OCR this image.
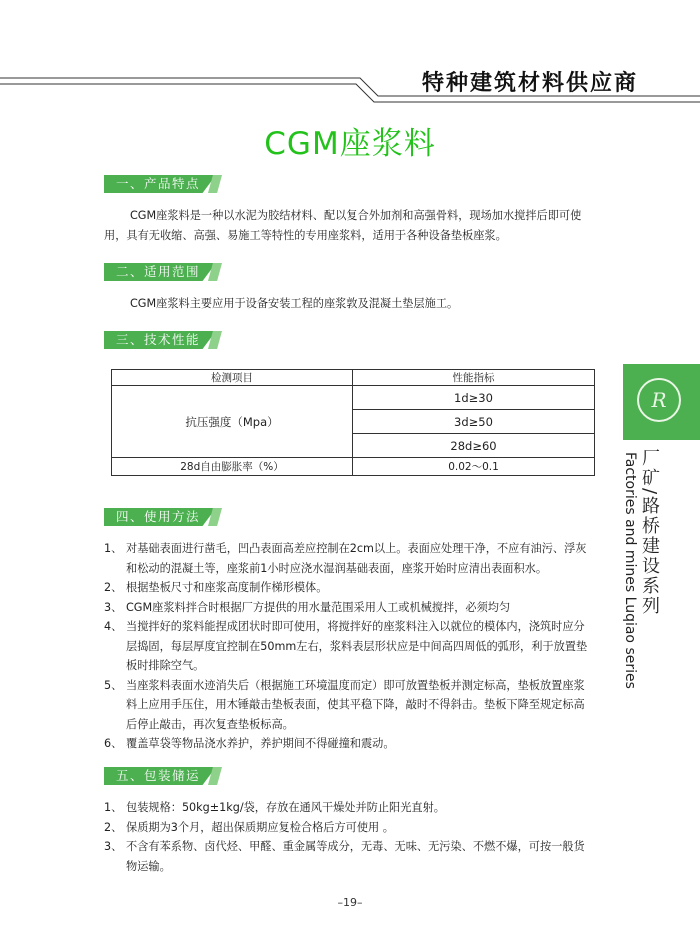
特种建筑材料供应商
CGM座浆料
一、产品特点
CGM座浆料是一种以水泥为胶结材料、配以复合外加剂和高强骨料，现场加水搅拌后即可使
用，具有无收缩、高强、易施工等特性的专用座浆料，适用于各种设备垫板座浆。
二、适用范围
CGM座浆料主要应用于设备安装工程的座浆敦及混凝土垫层施工。
三、技术性能
检测项目	性能指标
抗压强度（Mpa）	1d≥30
	3d≥50
	28d≥60
28d自由膨胀率（%）	0.02～0.1
四、使用方法
1、 对基础表面进行凿毛，凹凸表面高差应控制在2cm以上。表面应处理干净，不应有油污、浮灰
和松动的混凝土等，座浆前1小时应浇水湿润基础表面，座浆开始时应清出表面积水。
2、 根据垫板尺寸和座浆高度制作梯形模体。
3、 CGM座浆料拌合时根据厂方提供的用水量范围采用人工或机械搅拌，必须均匀
4、 当搅拌好的浆料能捏成团状时即可使用，将搅拌好的座浆料注入以就位的模体内，浇筑时应分
层捣固，每层厚度宜控制在50mm左右，浆料表层形状应是中间高四周低的弧形，利于放置垫
板时排除空气。
5、 当座浆料表面水迹消失后（根据施工环境温度而定）即可放置垫板并测定标高，垫板放置座浆
料上应用手压住，用木锤敲击垫板表面，使其平稳下降，敲时不得斜击。垫板下降至规定标高
后停止敲击，再次复查垫板标高。
6、 覆盖草袋等物品浇水养护，养护期间不得碰撞和震动。
五、包装储运
1、 包装规格：50kg±1kg/袋，存放在通风干燥处并防止阳光直射。
2、 保质期为3个月，超出保质期应复检合格后方可使用 。
3、 不含有苯系物、卤代烃、甲醛、重金属等成分，无毒、无味、无污染、不燃不爆，可按一般货
物运输。
R
厂矿/路桥建设系列
Factories and mines Luqiao series
–19–
